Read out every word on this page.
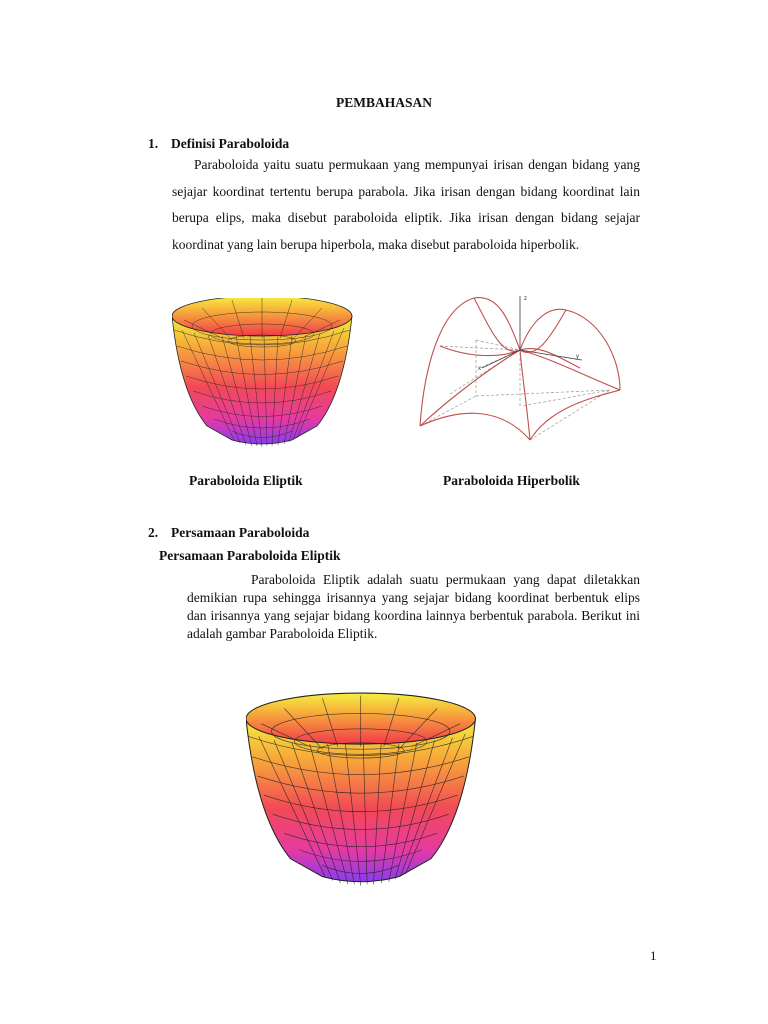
PEMBAHASAN
1. Definisi Paraboloida
Paraboloida yaitu suatu permukaan yang mempunyai irisan dengan bidang yang sejajar koordinat tertentu berupa parabola. Jika irisan dengan bidang koordinat lain berupa elips, maka disebut paraboloida eliptik. Jika irisan dengan bidang sejajar koordinat yang lain berupa hiperbola, maka disebut paraboloida hiperbolik.
z
y
x
Paraboloida Eliptik	Paraboloida Hiperbolik
2. Persamaan Paraboloida
Persamaan Paraboloida Eliptik
Paraboloida Eliptik adalah suatu permukaan yang dapat diletakkan demikian rupa sehingga irisannya yang sejajar bidang koordinat berbentuk elips dan irisannya yang sejajar bidang koordina lainnya berbentuk parabola. Berikut ini adalah gambar Paraboloida Eliptik.
1
